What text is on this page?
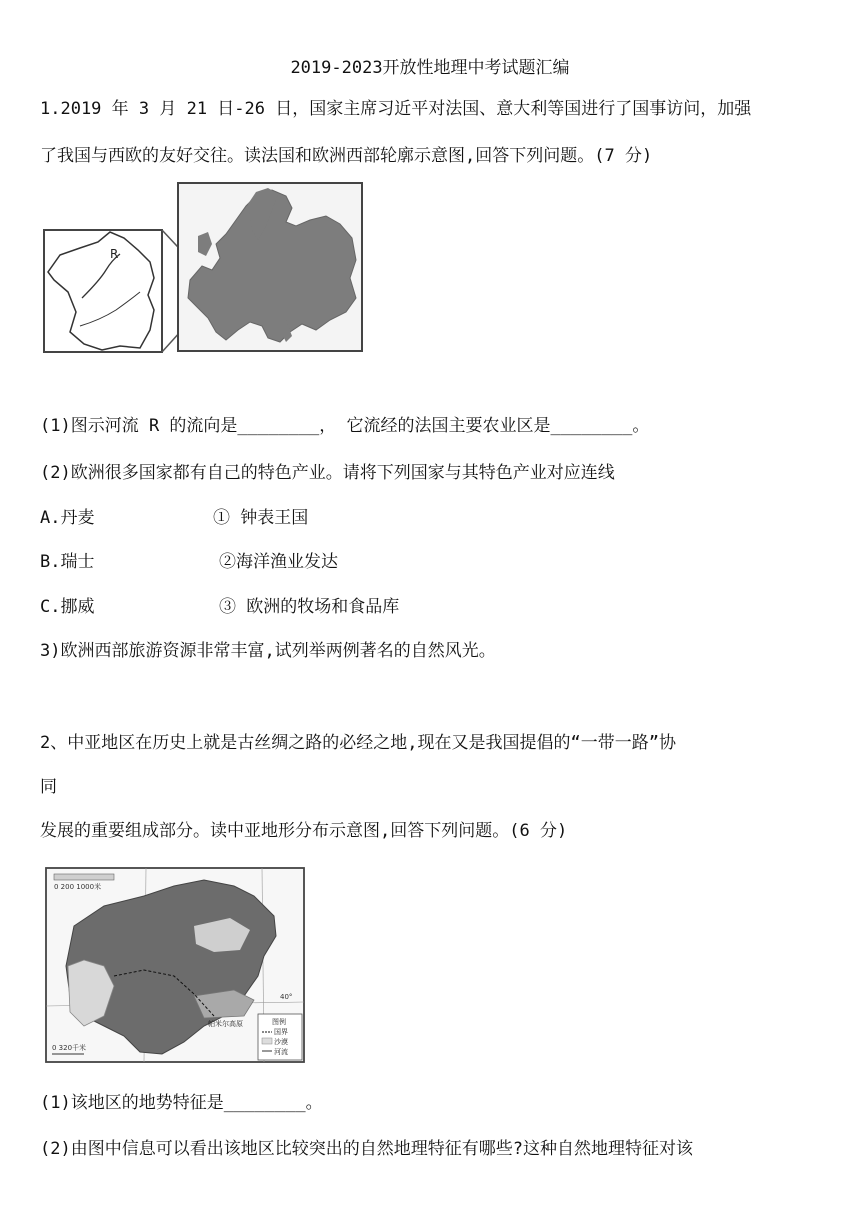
2019-2023开放性地理中考试题汇编
1.2019 年 3 月 21 日-26 日，国家主席习近平对法国、意大利等国进行了国事访问，加强
了我国与西欧的友好交往。读法国和欧洲西部轮廓示意图,回答下列问题。(7 分)
R
(1)图示河流 R 的流向是________， 它流经的法国主要农业区是________。
(2)欧洲很多国家都有自己的特色产业。请将下列国家与其特色产业对应连线
A.丹麦	① 钟表王国
B.瑞士	②海洋渔业发达
C.挪威	③ 欧洲的牧场和食品库
3)欧洲西部旅游资源非常丰富,试列举两例著名的自然风光。
2、中亚地区在历史上就是古丝绸之路的必经之地,现在又是我国提倡的“一带一路”协
同
发展的重要组成部分。读中亚地形分布示意图,回答下列问题。(6 分)
0 200 1000米
40°
帕米尔高原	图例
国界
沙漠
河流
0 320千米
(1)该地区的地势特征是________。
(2)由图中信息可以看出该地区比较突出的自然地理特征有哪些?这种自然地理特征对该
